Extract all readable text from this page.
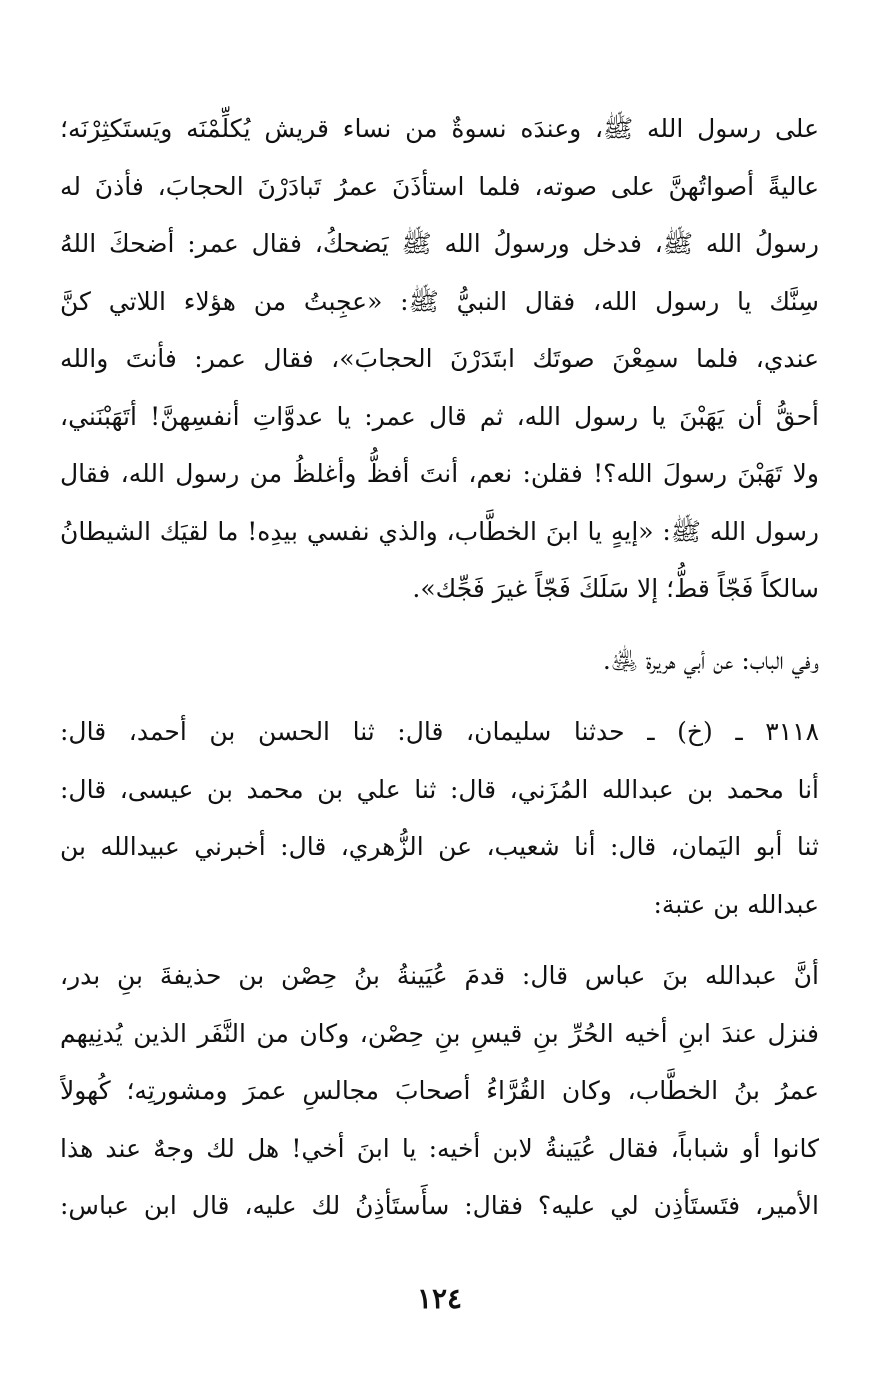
على رسول الله ﷺ، وعندَه نسوةٌ من نساء قريش يُكلِّمْنَه ويَستَكثِرْنَه؛
عاليةً أصواتُهنَّ على صوته، فلما استأذَنَ عمرُ تَبادَرْنَ الحجابَ، فأذنَ له
رسولُ الله ﷺ، فدخل ورسولُ الله ﷺ يَضحكُ، فقال عمر: أضحكَ اللهُ
سِنَّك يا رسول الله، فقال النبيُّ ﷺ: «عجِبتُ من هؤلاء اللاتي كنَّ
عندي، فلما سمِعْنَ صوتَك ابتَدَرْنَ الحجابَ»، فقال عمر: فأنتَ والله
أحقُّ أن يَهَبْنَ يا رسول الله، ثم قال عمر: يا عدوَّاتِ أنفسِهنَّ! أتَهَبْنَني،
ولا تَهَبْنَ رسولَ الله؟! فقلن: نعم، أنتَ أفظُّ وأغلظُ من رسول الله، فقال
رسول الله ﷺ: «إيهٍ يا ابنَ الخطَّاب، والذي نفسي بيدِه! ما لقيَك الشيطانُ
سالكاً فَجّاً قطُّ؛ إلا سَلَكَ فَجّاً غيرَ فَجِّك».
وفي الباب: عن أبي هريرة ﵁.
٣١١٨ ـ (خ) ـ حدثنا سليمان، قال: ثنا الحسن بن أحمد، قال:
أنا محمد بن عبدالله المُزَني، قال: ثنا علي بن محمد بن عيسى، قال:
ثنا أبو اليَمان، قال: أنا شعيب، عن الزُّهري، قال: أخبرني عبيدالله بن
عبدالله بن عتبة:
أنَّ عبدالله بنَ عباس قال: قدمَ عُيَينةُ بنُ حِصْن بن حذيفةَ بنِ بدر،
فنزل عندَ ابنِ أخيه الحُرِّ بنِ قيسِ بنِ حِصْن، وكان من النَّفَر الذين يُدنِيهم
عمرُ بنُ الخطَّاب، وكان القُرَّاءُ أصحابَ مجالسِ عمرَ ومشورتِه؛ كُهولاً
كانوا أو شباباً، فقال عُيَينةُ لابن أخيه: يا ابنَ أخي! هل لك وجهٌ عند هذا
الأمير، فتَستَأذِن لي عليه؟ فقال: سأَستَأذِنُ لك عليه، قال ابن عباس:
١٢٤
